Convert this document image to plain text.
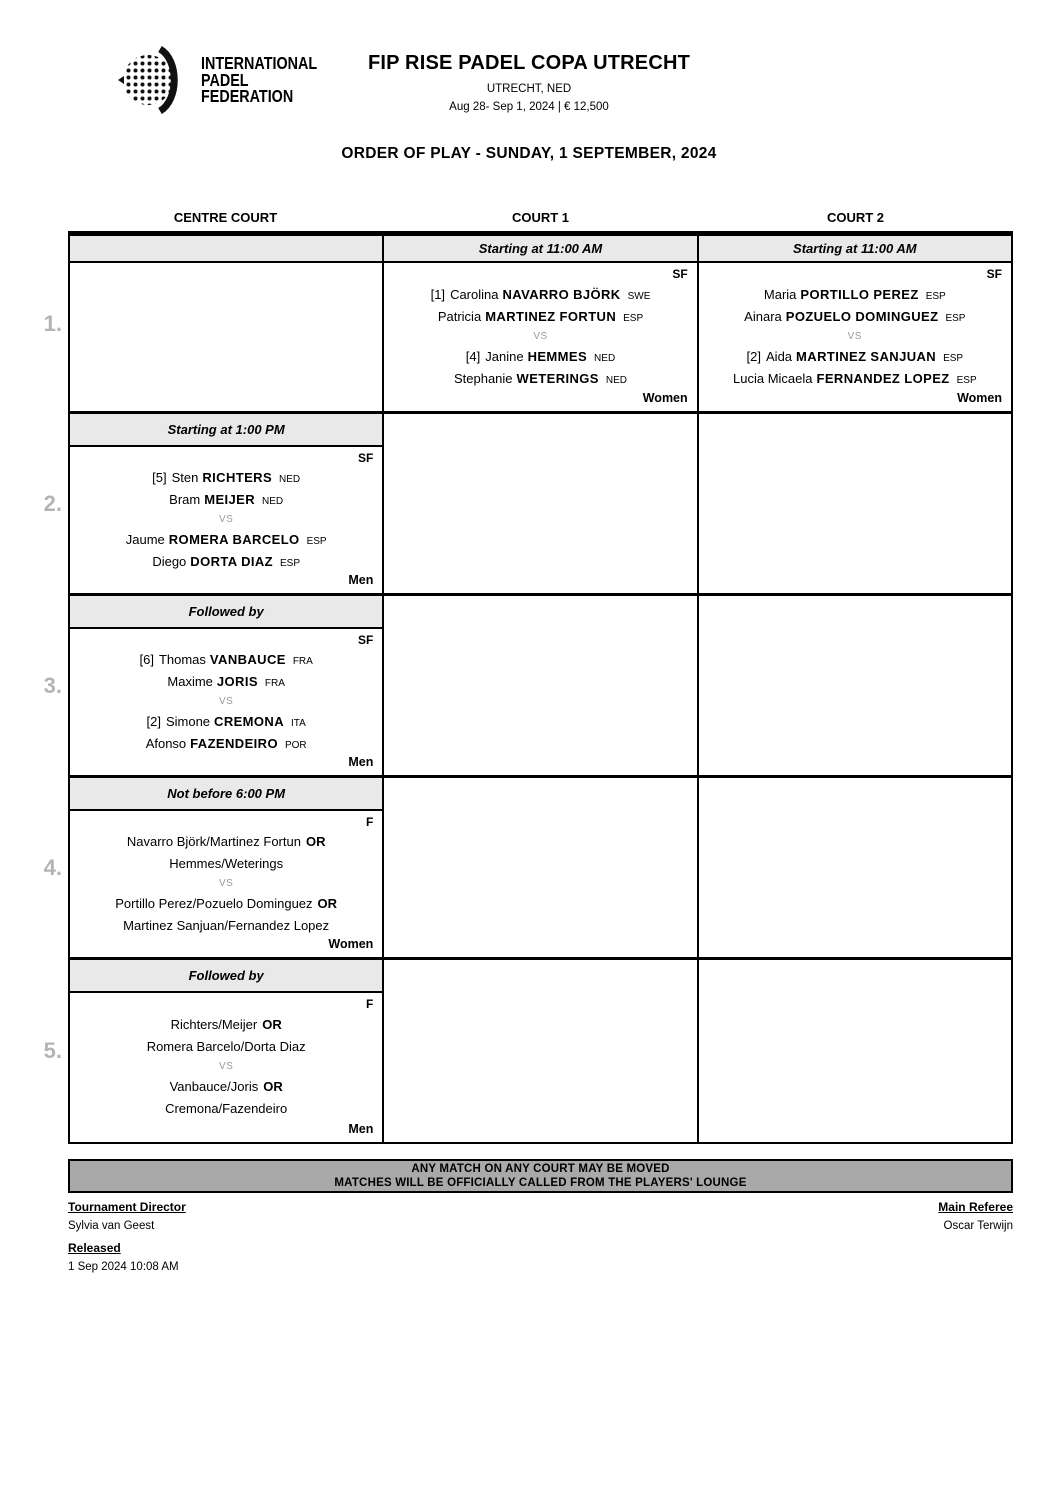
INTERNATIONAL
PADEL
FEDERATION
FIP RISE PADEL COPA UTRECHT
UTRECHT, NED
Aug 28- Sep 1, 2024 | € 12,500
ORDER OF PLAY - SUNDAY, 1 SEPTEMBER, 2024
CENTRE COURT	COURT 1	COURT 2
1.
Starting at 11:00 AM
SF
[1] Carolina NAVARRO BJÖRK SWE
Patricia MARTINEZ FORTUN ESP
VS
[4] Janine HEMMES NED
Stephanie WETERINGS NED
Women
Starting at 11:00 AM
SF
Maria PORTILLO PEREZ ESP
Ainara POZUELO DOMINGUEZ ESP
VS
[2] Aida MARTINEZ SANJUAN ESP
Lucia Micaela FERNANDEZ LOPEZ ESP
Women
2.
Starting at 1:00 PM
SF
[5] Sten RICHTERS NED
Bram MEIJER NED
VS
Jaume ROMERA BARCELO ESP
Diego DORTA DIAZ ESP
Men
3.
Followed by
SF
[6] Thomas VANBAUCE FRA
Maxime JORIS FRA
VS
[2] Simone CREMONA ITA
Afonso FAZENDEIRO POR
Men
4.
Not before 6:00 PM
F
Navarro Björk/Martinez Fortun OR
Hemmes/Weterings
VS
Portillo Perez/Pozuelo Dominguez OR
Martinez Sanjuan/Fernandez Lopez
Women
5.
Followed by
F
Richters/Meijer OR
Romera Barcelo/Dorta Diaz
VS
Vanbauce/Joris OR
Cremona/Fazendeiro
Men
ANY MATCH ON ANY COURT MAY BE MOVED
MATCHES WILL BE OFFICIALLY CALLED FROM THE PLAYERS' LOUNGE
Tournament Director
Sylvia van Geest
Released
1 Sep 2024 10:08 AM
Main Referee
Oscar Terwijn
